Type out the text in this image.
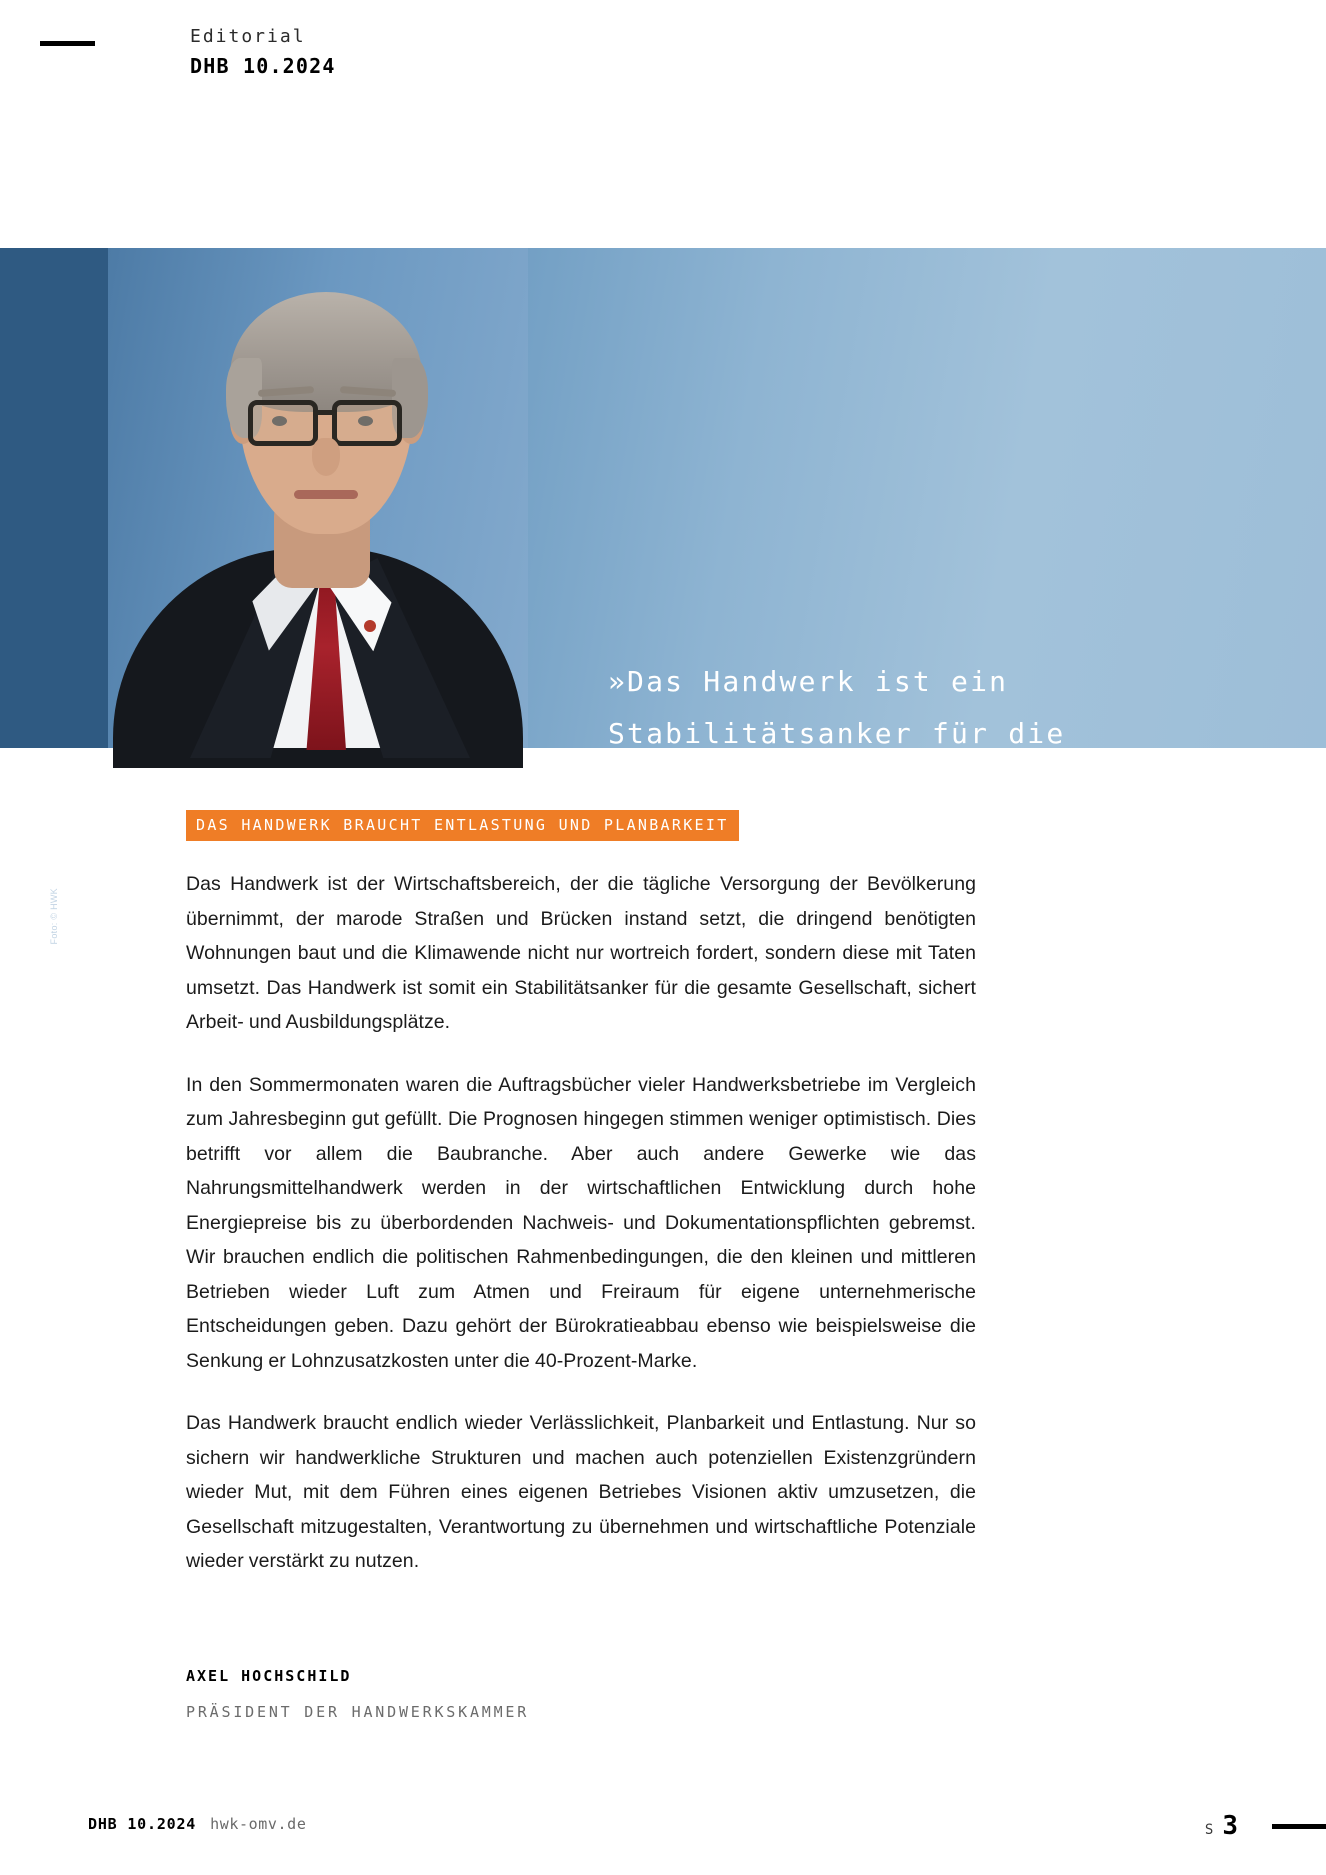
Editorial
DHB 10.2024
Foto: © HWK
»Das Handwerk ist ein
Stabilitätsanker für die
gesamte Gesellschaft.«
DAS HANDWERK BRAUCHT ENTLASTUNG UND PLANBARKEIT

Das Handwerk ist der Wirtschaftsbereich, der die tägliche Versorgung der Bevölkerung übernimmt, der marode Straßen und Brücken instand setzt, die dringend benötigten Wohnungen baut und die Klimawende nicht nur wortreich fordert, sondern diese mit Taten umsetzt. Das Handwerk ist somit ein Stabilitätsanker für die gesamte Gesellschaft, sichert Arbeit- und Ausbildungsplätze.

In den Sommermonaten waren die Auftragsbücher vieler Handwerksbetriebe im Vergleich zum Jahresbeginn gut gefüllt. Die Prognosen hingegen stimmen weniger optimistisch. Dies betrifft vor allem die Baubranche. Aber auch andere Gewerke wie das Nahrungsmittelhandwerk werden in der wirtschaftlichen Entwicklung durch hohe Energiepreise bis zu überbordenden Nachweis- und Dokumentationspflichten gebremst. Wir brauchen endlich die politischen Rahmenbedingungen, die den kleinen und mittleren Betrieben wieder Luft zum Atmen und Freiraum für eigene unternehmerische Entscheidungen geben. Dazu gehört der Bürokratieabbau ebenso wie beispielsweise die Senkung er Lohnzusatzkosten unter die 40-Prozent-Marke.

Das Handwerk braucht endlich wieder Verlässlichkeit, Planbarkeit und Entlastung. Nur so sichern wir handwerkliche Strukturen und machen auch potenziellen Existenzgründern wieder Mut, mit dem Führen eines eigenen Betriebes Visionen aktiv umzusetzen, die Gesellschaft mitzugestalten, Verantwortung zu übernehmen und wirtschaftliche Potenziale wieder verstärkt zu nutzen.

AXEL HOCHSCHILD
PRÄSIDENT DER HANDWERKSKAMMER
DHB 10.2024 hwk-omv.de	S 3
